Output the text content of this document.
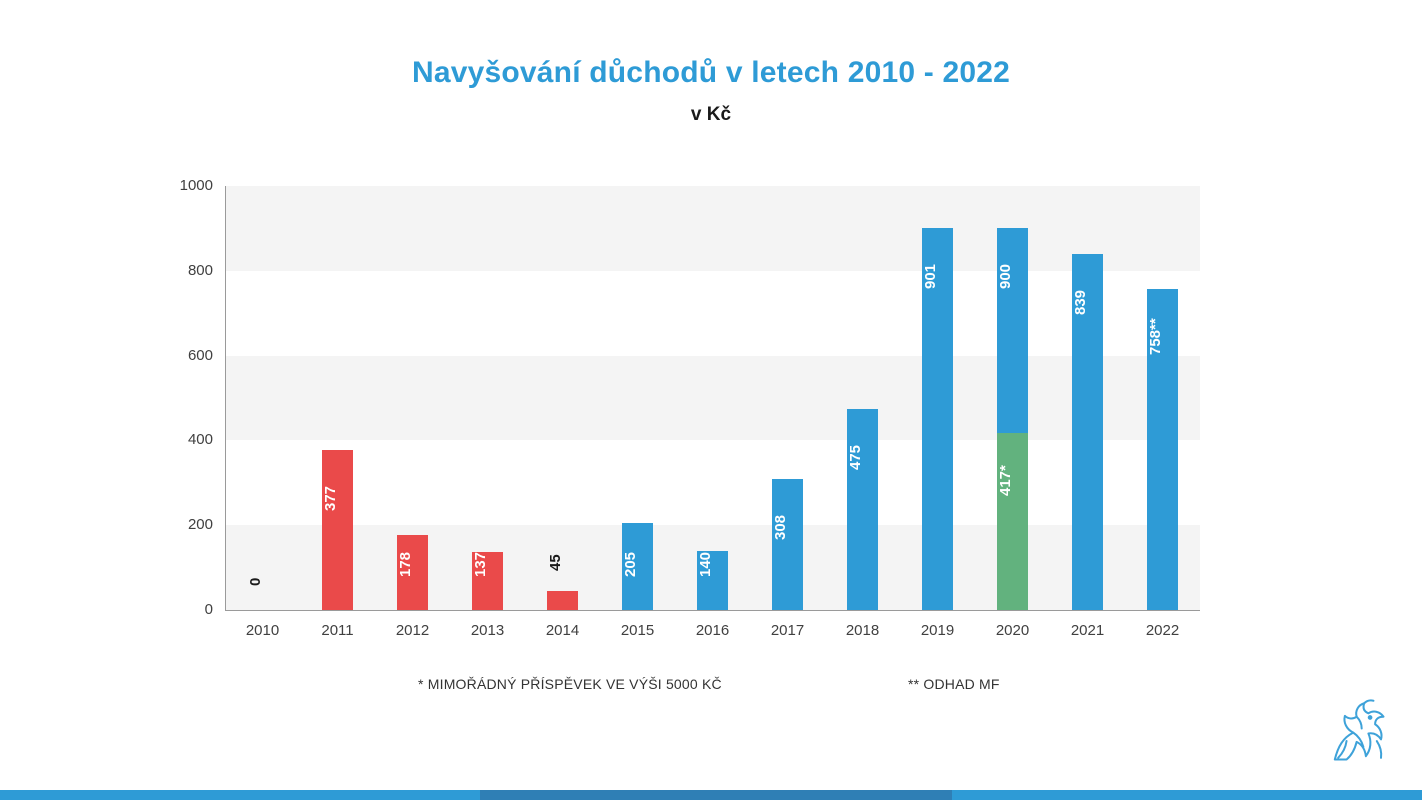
Navyšování důchodů v letech 2010 - 2022
v Kč
0
200
400
600
800
1000
0
377
178	137	45	205	140
308
475
901
417*
900
839
758**
2010	2011	2012	2013	2014	2015	2016	2017	2018	2019	2020	2021	2022
* MIMOŘÁDNÝ PŘÍSPĚVEK VE VÝŠI 5000 KČ	** ODHAD MF
